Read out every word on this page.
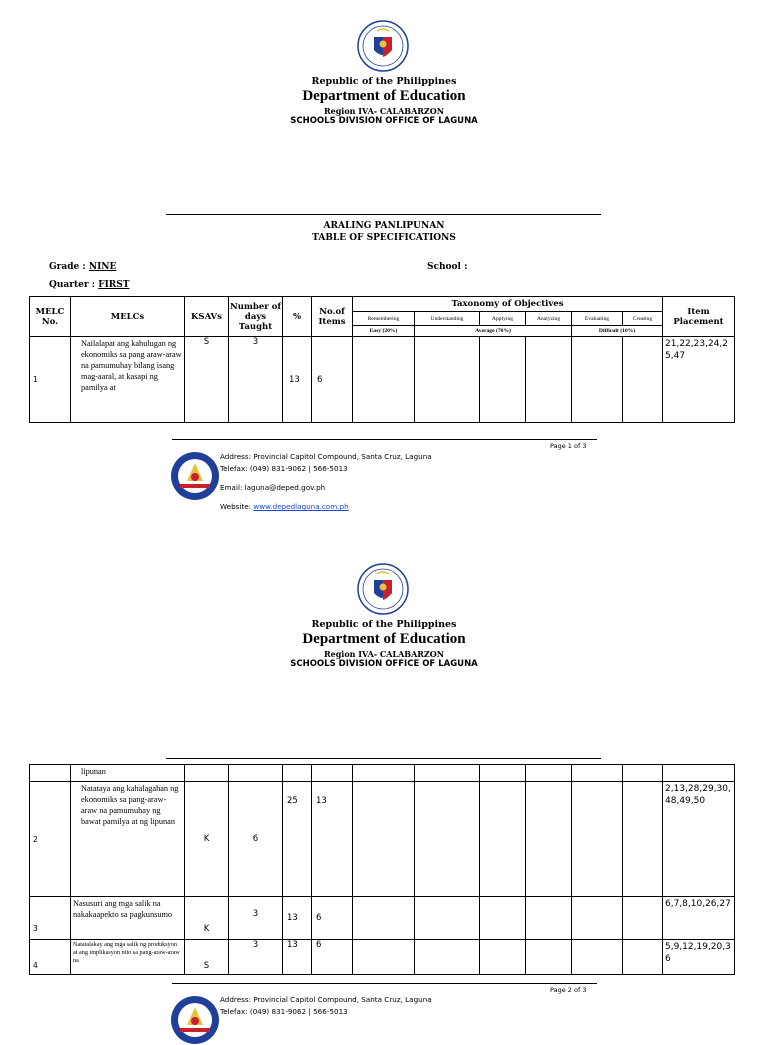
Republic of the Philippines
Department of Education
Region IVA- CALABARZON
SCHOOLS DIVISION OFFICE OF LAGUNA
ARALING PANLIPUNAN
TABLE OF SPECIFICATIONS
Grade : NINE	School :
Quarter : FIRST
MELC No.	MELCs	KSAVs	Number of days Taught	%	No.of Items	Taxonomy of Objectives						Item Placement
						Remembering	Understanding	Applying	Analyzing	Evaluating	Creating	
						Easy (20%)	Average (70%)			Difficult (10%)		
1	Nailalapat ang kahulugan ng ekonomiks sa pang araw-araw na pamumuhay bilang isang mag-aaral, at kasapi ng pamilya at	S	3	13	6							21,22,23,24,25,47
Page 1 of 3
Address: Provincial Capitol Compound, Santa Cruz, Laguna
Telefax: (049) 831-9062 | 566-5013
Email: laguna@deped.gov.ph
Website: www.depedlaguna.com.ph
Republic of the Philippines
Department of Education
Region IVA- CALABARZON
SCHOOLS DIVISION OFFICE OF LAGUNA
	lipunan											
2	Natataya ang kahalagahan ng ekonomiks sa pang-araw-araw na pamumuhay ng bawat pamilya at ng lipunan	K	6	25	13							2,13,28,29,30,48,49,50
3	Nasusuri ang mga salik na nakakaapekto sa pagkunsumo	K	3	13	6							6,7,8,10,26,27
4	Natatalakay ang mga salik ng produksyon at ang implikasyon nito sa pang-araw-araw na	S	3	13	6							5,9,12,19,20,36
Page 2 of 3
Address: Provincial Capitol Compound, Santa Cruz, Laguna
Telefax: (049) 831-9062 | 566-5013
